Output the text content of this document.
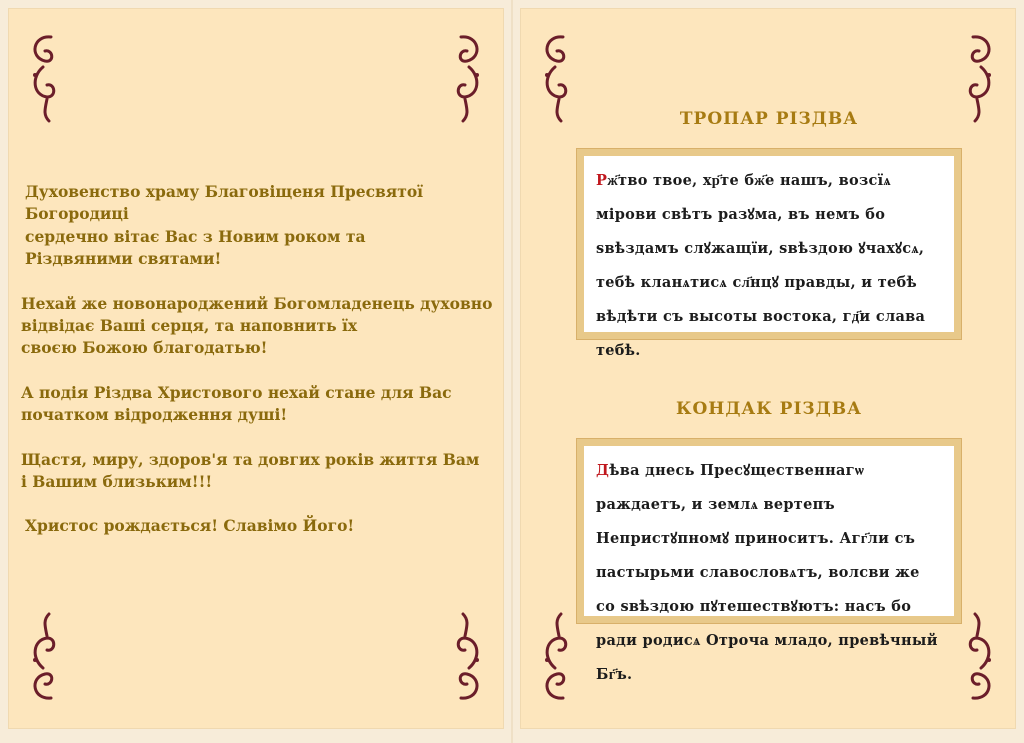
Духовенство храму Благовіщеня Пресвятої Богородиці
сердечно вітає Вас з Новим роком та
Різдвяними святами!

Нехай же новонароджений Богомладенець духовно
відвідає Ваші серця, та наповнить їх
своєю Божою благодатью!

А подія Різдва Христового нехай стане для Вас
початком відродження душі!

Щастя, миру, здоров'я та довгих років життя Вам
і Вашим близьким!!!

Христос рождається! Славімо Його!

ТРОПАР РІЗДВА
Рж҃тво твое, хр҃те бж҃е нашъ, возсїѧ мірови свѣтъ разꙋма, въ немъ бо ѕвѣздамъ слꙋжащїи, ѕвѣздою ꙋчахꙋсѧ, тебѣ кланѧтисѧ сл҃нцꙋ правды, и тебѣ вѣдѣти съ высоты востока, гд҃и слава тебѣ.
КОНДАК РІЗДВА
Дѣва днесь Пресꙋщественнагѡ раждаетъ, и землѧ вертепъ Непристꙋпномꙋ приноситъ. Агг҃ли съ пастырьми славословѧтъ, волсви же со ѕвѣздою пꙋтешествꙋютъ: насъ бо ради родисѧ Отроча младо, превѣчный Бг҃ъ.
